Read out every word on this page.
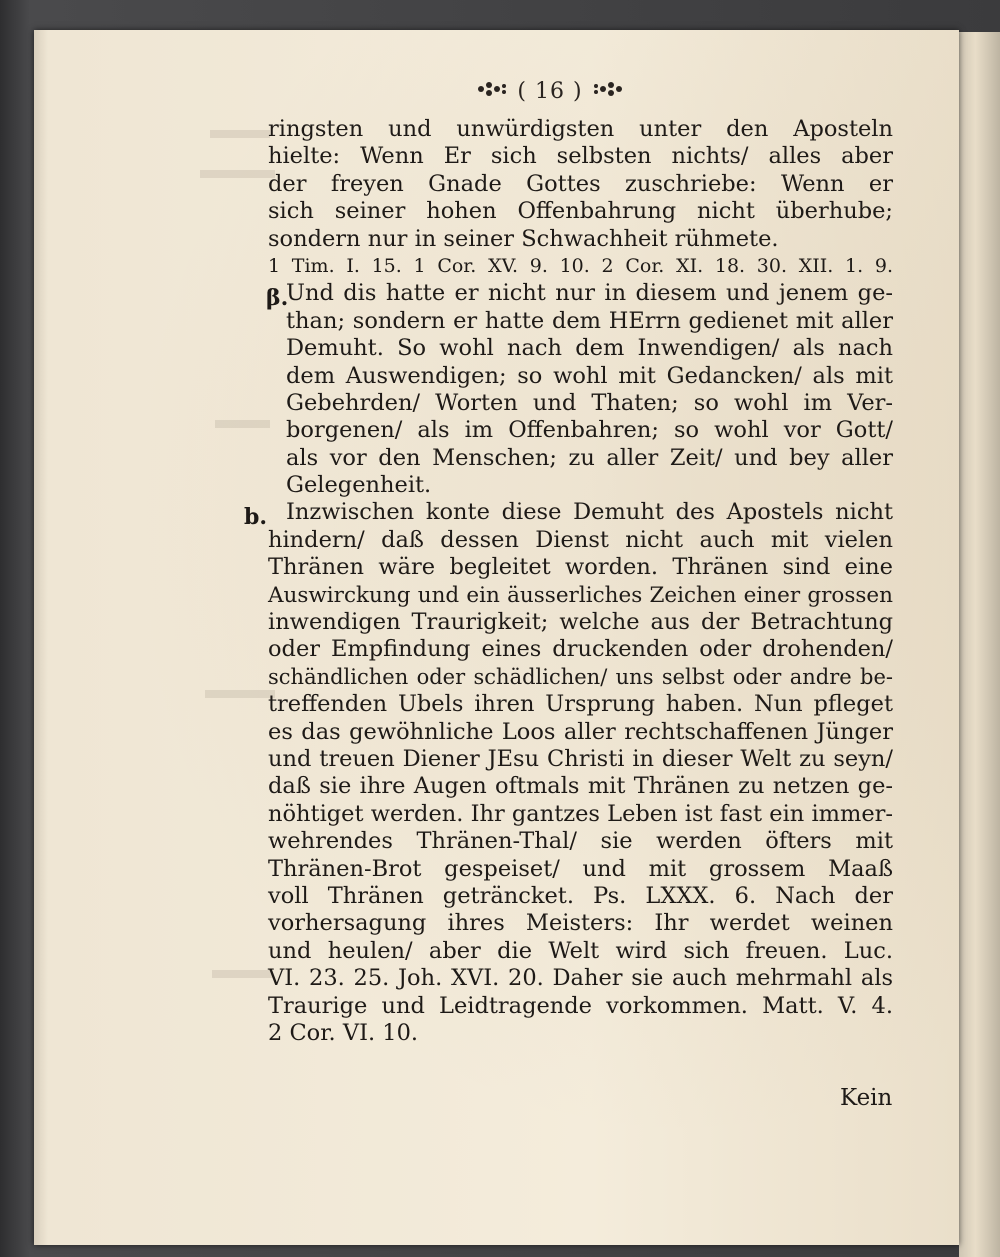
( 16 )
β.
b.
ringsten und unwürdigsten unter den Aposteln
hielte: Wenn Er sich selbsten nichts/ alles aber
der freyen Gnade Gottes zuschriebe: Wenn er
sich seiner hohen Offenbahrung nicht überhube;
sondern nur in seiner Schwachheit rühmete.
1 Tim. I. 15. 1 Cor. XV. 9. 10. 2 Cor. XI. 18. 30. XII. 1. 9.
Und dis hatte er nicht nur in diesem und jenem ge-
than; sondern er hatte dem HErrn gedienet mit aller
Demuht. So wohl nach dem Inwendigen/ als nach
dem Auswendigen; so wohl mit Gedancken/ als mit
Gebehrden/ Worten und Thaten; so wohl im Ver-
borgenen/ als im Offenbahren; so wohl vor Gott/
als vor den Menschen; zu aller Zeit/ und bey aller
Gelegenheit.
Inzwischen konte diese Demuht des Apostels nicht
hindern/ daß dessen Dienst nicht auch mit vielen
Thränen wäre begleitet worden. Thränen sind eine
Auswirckung und ein äusserliches Zeichen einer grossen
inwendigen Traurigkeit; welche aus der Betrachtung
oder Empfindung eines druckenden oder drohenden/
schändlichen oder schädlichen/ uns selbst oder andre be-
treffenden Ubels ihren Ursprung haben. Nun pfleget
es das gewöhnliche Loos aller rechtschaffenen Jünger
und treuen Diener JEsu Christi in dieser Welt zu seyn/
daß sie ihre Augen oftmals mit Thränen zu netzen ge-
nöhtiget werden. Ihr gantzes Leben ist fast ein immer-
wehrendes Thränen-Thal/ sie werden öfters mit
Thränen-Brot gespeiset/ und mit grossem Maaß
voll Thränen geträncket. Ps. LXXX. 6. Nach der
vorhersagung ihres Meisters: Ihr werdet weinen
und heulen/ aber die Welt wird sich freuen. Luc.
VI. 23. 25. Joh. XVI. 20. Daher sie auch mehrmahl als
Traurige und Leidtragende vorkommen. Matt. V. 4.
2 Cor. VI. 10.
Kein
